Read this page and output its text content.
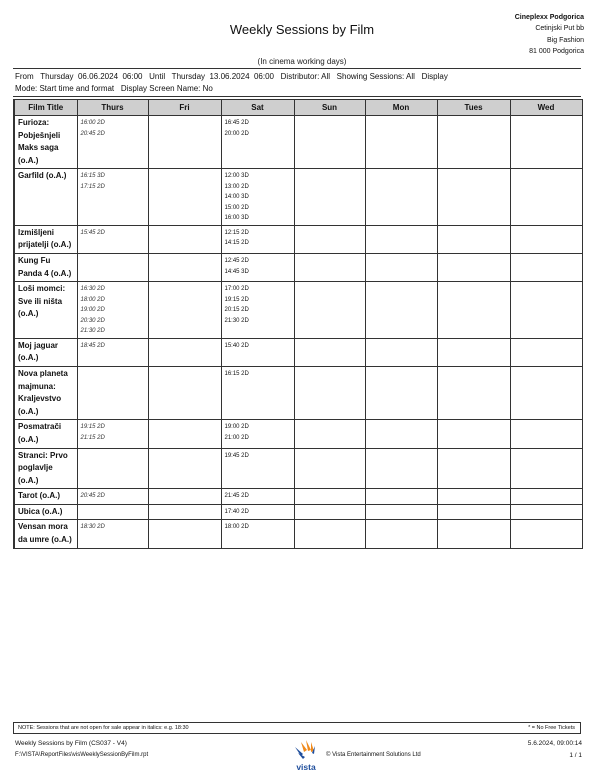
Weekly Sessions by Film
(In cinema working days)
Cineplexx Podgorica
Cetinjski Put bb
Big Fashion
81 000 Podgorica
From   Thursday  06.06.2024  06:00   Until   Thursday  13.06.2024  06:00   Distributor: All   Showing Sessions: All   Display
Mode: Start time and format   Display Screen Name: No
Film Title	Thurs	Fri	Sat	Sun	Mon	Tues	Wed
Furioza: Pobješnjeli Maks saga (o.A.)	16:00 2D
20:45 2D		16:45 2D
20:00 2D				

Garfild (o.A.)	16:15 3D
17:15 2D		12:00 3D
13:00 2D
14:00 3D
15:00 2D
16:00 3D				

Izmišljeni prijatelji (o.A.)	15:45 2D		12:15 2D
14:15 2D				

Kung Fu Panda 4 (o.A.)			12:45 2D
14:45 3D				

Loši momci: Sve ili ništa (o.A.)	16:30 2D
18:00 2D
19:00 2D
20:30 2D
21:30 2D		17:00 2D
19:15 2D
20:15 2D
21:30 2D				

Moj jaguar (o.A.)	18:45 2D		15:40 2D				

Nova planeta majmuna: Kraljevstvo (o.A.)			16:15 2D				

Posmatrači (o.A.)	19:15 2D
21:15 2D		19:00 2D
21:00 2D				

Stranci: Prvo poglavlje (o.A.)			19:45 2D				

Tarot (o.A.)	20:45 2D		21:45 2D				

Ubica (o.A.)			17:40 2D				

Vensan mora da umre (o.A.)	18:30 2D		18:00 2D				

NOTE: Sessions that are not open for sale appear in italics: e.g. 18:30	* = No Free Tickets
Weekly Sessions by Film (CS037 - V4)
F:\VISTA\ReportFiles\visWeeklySessionByFilm.rpt
vista
© Vista Entertainment Solutions Ltd
5.6.2024, 09:00:14
1 / 1
